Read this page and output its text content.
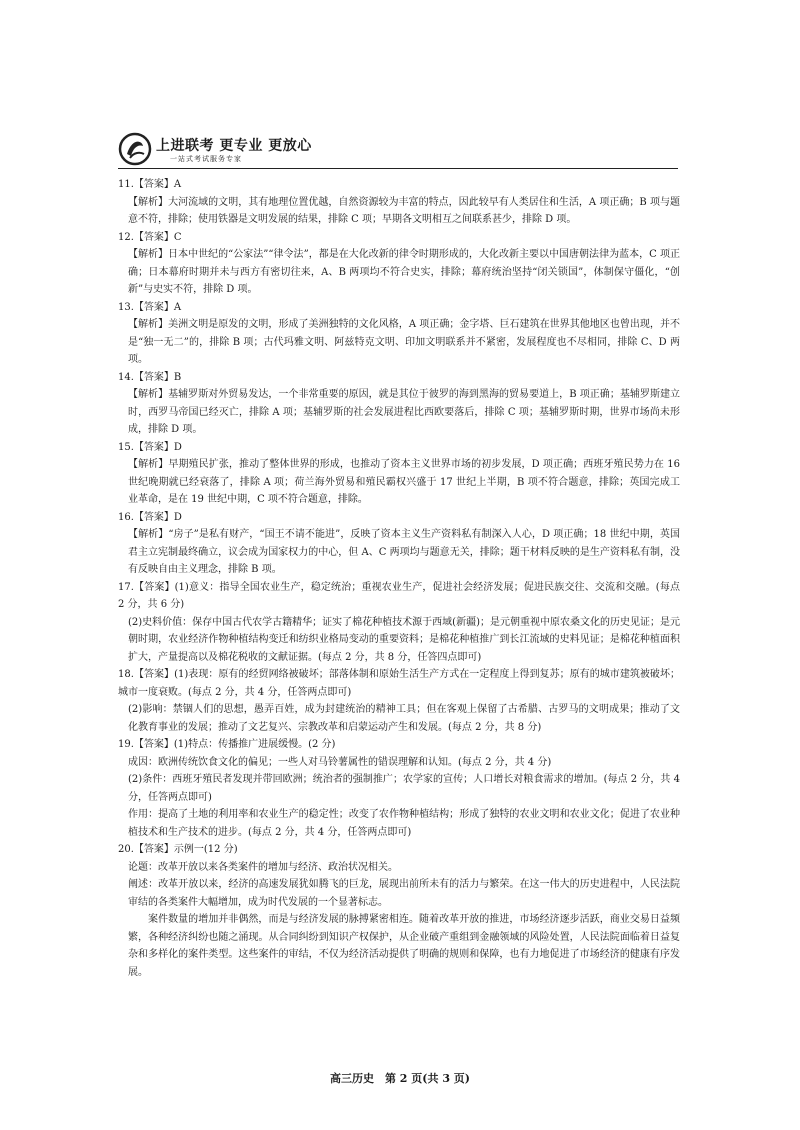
上进联考 更专业 更放心
一站式考试服务专家

11.【答案】A

【解析】大河流域的文明，其有地理位置优越，自然资源较为丰富的特点，因此较早有人类居住和生活，A 项正确；B 项与题意不符，排除；使用铁器是文明发展的结果，排除 C 项；早期各文明相互之间联系甚少，排除 D 项。

12.【答案】C

【解析】日本中世纪的“公家法”“律令法”，都是在大化改新的律令时期形成的，大化改新主要以中国唐朝法律为蓝本，C 项正确；日本幕府时期并未与西方有密切往来，A、B 两项均不符合史实，排除；幕府统治坚持“闭关锁国”，体制保守僵化，“创新”与史实不符，排除 D 项。

13.【答案】A

【解析】美洲文明是原发的文明，形成了美洲独特的文化风格，A 项正确；金字塔、巨石建筑在世界其他地区也曾出现，并不是“独一无二”的，排除 B 项；古代玛雅文明、阿兹特克文明、印加文明联系并不紧密，发展程度也不尽相同，排除 C、D 两项。

14.【答案】B

【解析】基辅罗斯对外贸易发达，一个非常重要的原因，就是其位于彼罗的海到黑海的贸易要道上，B 项正确；基辅罗斯建立时，西罗马帝国已经灭亡，排除 A 项；基辅罗斯的社会发展进程比西欧要落后，排除 C 项；基辅罗斯时期，世界市场尚未形成，排除 D 项。

15.【答案】D

【解析】早期殖民扩张，推动了整体世界的形成，也推动了资本主义世界市场的初步发展，D 项正确；西班牙殖民势力在 16 世纪晚期就已经衰落了，排除 A 项；荷兰海外贸易和殖民霸权兴盛于 17 世纪上半期，B 项不符合题意，排除；英国完成工业革命，是在 19 世纪中期，C 项不符合题意，排除。

16.【答案】D

【解析】“房子”是私有财产，“国王不请不能进”，反映了资本主义生产资料私有制深入人心，D 项正确；18 世纪中期，英国君主立宪制最终确立，议会成为国家权力的中心，但 A、C 两项均与题意无关，排除；题干材料反映的是生产资料私有制，没有反映自由主义理念，排除 B 项。

17.【答案】(1)意义：指导全国农业生产，稳定统治；重视农业生产，促进社会经济发展；促进民族交往、交流和交融。(每点 2 分，共 6 分)

(2)史料价值：保存中国古代农学古籍精华；证实了棉花种植技术源于西域(新疆)；是元朝重视中原农桑文化的历史见证；是元朝时期，农业经济作物种植结构变迁和纺织业格局变动的重要资料；是棉花种植推广到长江流域的史料见证；是棉花种植面积扩大，产量提高以及棉花税收的文献证据。(每点 2 分，共 8 分，任答四点即可)

18.【答案】(1)表现：原有的经贸网络被破坏；部落体制和原始生活生产方式在一定程度上得到复苏；原有的城市建筑被破坏；城市一度衰败。(每点 2 分，共 4 分，任答两点即可)

(2)影响：禁锢人们的思想，愚弄百姓，成为封建统治的精神工具；但在客观上保留了古希腊、古罗马的文明成果；推动了文化教育事业的发展；推动了文艺复兴、宗教改革和启蒙运动产生和发展。(每点 2 分，共 8 分)

19.【答案】(1)特点：传播推广进展缓慢。(2 分)

成因：欧洲传统饮食文化的偏见；一些人对马铃薯属性的错误理解和认知。(每点 2 分，共 4 分)

(2)条件：西班牙殖民者发现并带回欧洲；统治者的强制推广；农学家的宣传；人口增长对粮食需求的增加。(每点 2 分，共 4 分，任答两点即可)

作用：提高了土地的利用率和农业生产的稳定性；改变了农作物种植结构；形成了独特的农业文明和农业文化；促进了农业种植技术和生产技术的进步。(每点 2 分，共 4 分，任答两点即可)

20.【答案】示例一(12 分)

论题：改革开放以来各类案件的增加与经济、政治状况相关。

阐述：改革开放以来，经济的高速发展犹如腾飞的巨龙，展现出前所未有的活力与繁荣。在这一伟大的历史进程中，人民法院审结的各类案件大幅增加，成为时代发展的一个显著标志。

案件数量的增加并非偶然，而是与经济发展的脉搏紧密相连。随着改革开放的推进，市场经济逐步活跃，商业交易日益频繁，各种经济纠纷也随之涌现。从合同纠纷到知识产权保护，从企业破产重组到金融领域的风险处置，人民法院面临着日益复杂和多样化的案件类型。这些案件的审结，不仅为经济活动提供了明确的规则和保障，也有力地促进了市场经济的健康有序发展。

高三历史　第 2 页(共 3 页)
